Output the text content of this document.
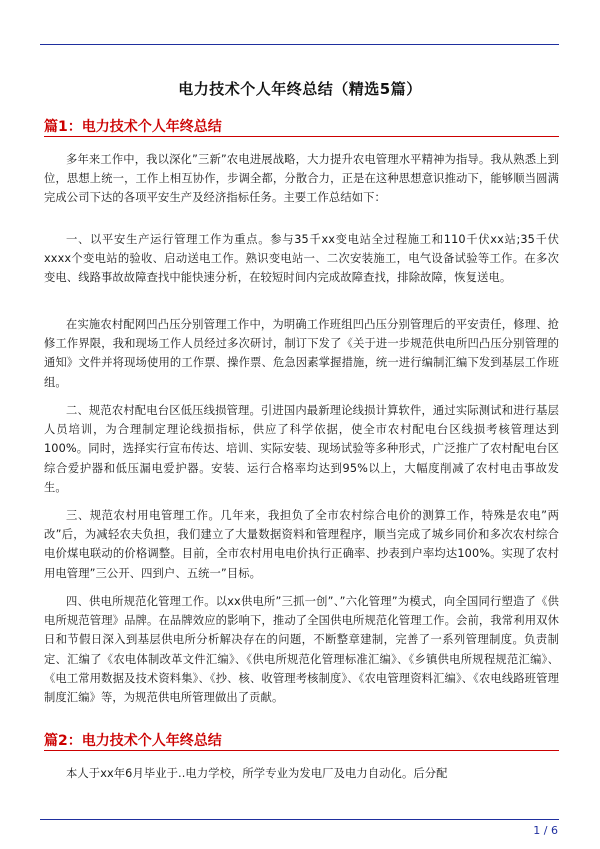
电力技术个人年终总结（精选5篇）
篇1：电力技术个人年终总结

多年来工作中，我以深化”三新”农电进展战略，大力提升农电管理水平精神为指导。我从熟悉上到位，思想上统一，工作上相互协作，步调全都，分散合力，正是在这种思想意识推动下，能够顺当圆满完成公司下达的各项平安生产及经济指标任务。主要工作总结如下：

一、以平安生产运行管理工作为重点。参与35千xx变电站全过程施工和110千伏xx站;35千伏xxxx个变电站的验收、启动送电工作。熟识变电站一、二次安装施工，电气设备试验等工作。在多次变电、线路事故故障查找中能快速分析，在较短时间内完成故障查找，排除故障，恢复送电。

在实施农村配网凹凸压分别管理工作中，为明确工作班组凹凸压分别管理后的平安责任，修理、抢修工作界限，我和现场工作人员经过多次研讨，制订下发了《关于进一步规范供电所凹凸压分别管理的通知》文件并将现场使用的工作票、操作票、危急因素掌握措施，统一进行编制汇编下发到基层工作班组。

二、规范农村配电台区低压线损管理。引进国内最新理论线损计算软件，通过实际测试和进行基层人员培训，为合理制定理论线损指标，供应了科学依据，使全市农村配电台区线损考核管理达到100%。同时，选择实行宣布传达、培训、实际安装、现场试验等多种形式，广泛推广了农村配电台区综合爱护器和低压漏电爱护器。安装、运行合格率均达到95%以上，大幅度削减了农村电击事故发生。

三、规范农村用电管理工作。几年来，我担负了全市农村综合电价的测算工作，特殊是农电”两改”后，为减轻农夫负担，我们建立了大量数据资料和管理程序，顺当完成了城乡同价和多次农村综合电价煤电联动的价格调整。目前，全市农村用电电价执行正确率、抄表到户率均达100%。实现了农村用电管理”三公开、四到户、五统一”目标。

四、供电所规范化管理工作。以xx供电所”三抓一创”、”六化管理”为模式，向全国同行塑造了《供电所规范管理》品牌。在品牌效应的影响下，推动了全国供电所规范化管理工作。会前，我常利用双休日和节假日深入到基层供电所分析解决存在的问题，不断整章建制，完善了一系列管理制度。负责制定、汇编了《农电体制改革文件汇编》、《供电所规范化管理标准汇编》、《乡镇供电所规程规范汇编》、《电工常用数据及技术资料集》、《抄、核、收管理考核制度》、《农电管理资料汇编》、《农电线路班管理制度汇编》等，为规范供电所管理做出了贡献。

篇2：电力技术个人年终总结

本人于xx年6月毕业于..电力学校，所学专业为发电厂及电力自动化。后分配

1 / 6
